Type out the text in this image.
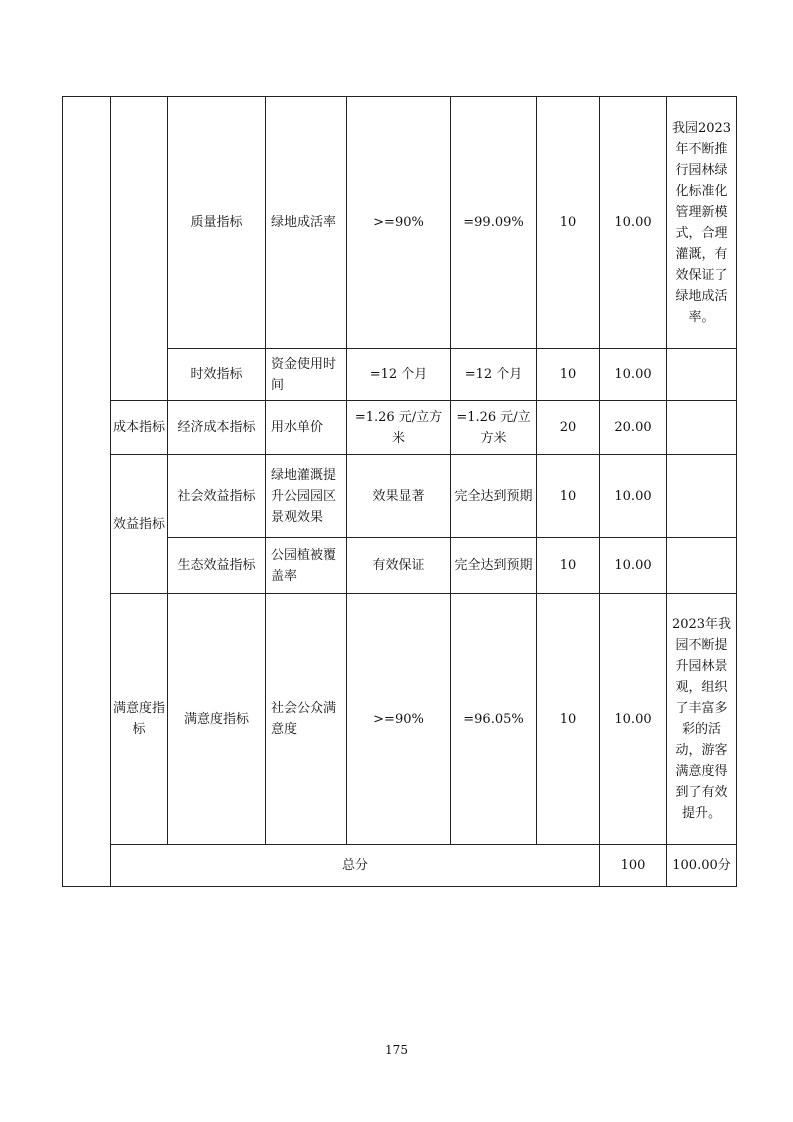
		质量指标	绿地成活率	>=90%	=99.09%	10	10.00	我园2023年不断推行园林绿化标准化管理新模式，合理灌溉，有效保证了绿地成活率。	
		时效指标	资金使用时间	=12 个月	=12 个月	10	10.00		
	成本指标	经济成本指标	用水单价	=1.26 元/立方米	=1.26 元/立方米	20	20.00		
	效益指标	社会效益指标	绿地灌溉提升公园园区景观效果	效果显著	完全达到预期	10	10.00		
		生态效益指标	公园植被覆盖率	有效保证	完全达到预期	10	10.00		
	满意度指标	满意度指标	社会公众满意度	>=90%	=96.05%	10	10.00	2023年我园不断提升园林景观，组织了丰富多彩的活动，游客满意度得到了有效提升。	
	总分						100	100.00分	
175
